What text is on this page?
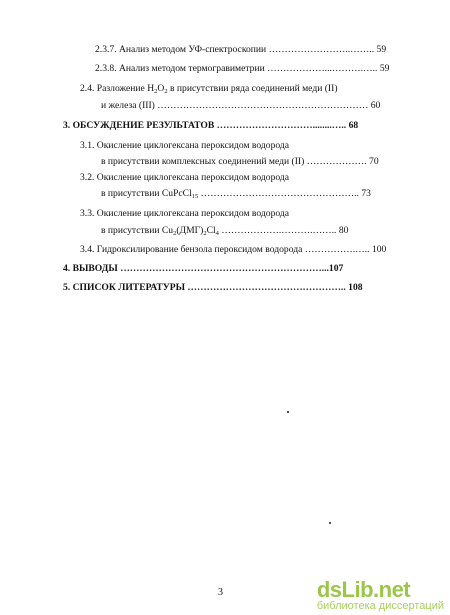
2.3.7. Анализ методом УФ-спектроскопии ……………………..…….. 59
2.3.8. Анализ методом термогравиметрии ………………...……….….. 59
2.4. Разложение $H_2O_2$ в присутствии ряда соединений меди (II)
и железа (III) ………………………………………………………… 60
3. ОБСУЖДЕНИЕ РЕЗУЛЬТАТОВ …………………………........….. 68
3.1. Окисление циклогексана пероксидом водорода
в присутствии комплексных соединений меди (II) ………………. 70
3.2. Окисление циклогексана пероксидом водорода
в присутствии CuPcCl$_{15}$ ………………………………………….. 73
3.3. Окисление циклогексана пероксидом водорода
в присутствии $Cu_2(ДМГ)_2Cl_4$ ……………….……….…….. 80
3.4. Гидроксилирование бензола пероксидом водорода …………….….. 100
4. ВЫВОДЫ ………………………………………………………...107
5. СПИСОК ЛИТЕРАТУРЫ ………………………………………….. 108
3	dsLib.net
библиотека диссертаций
